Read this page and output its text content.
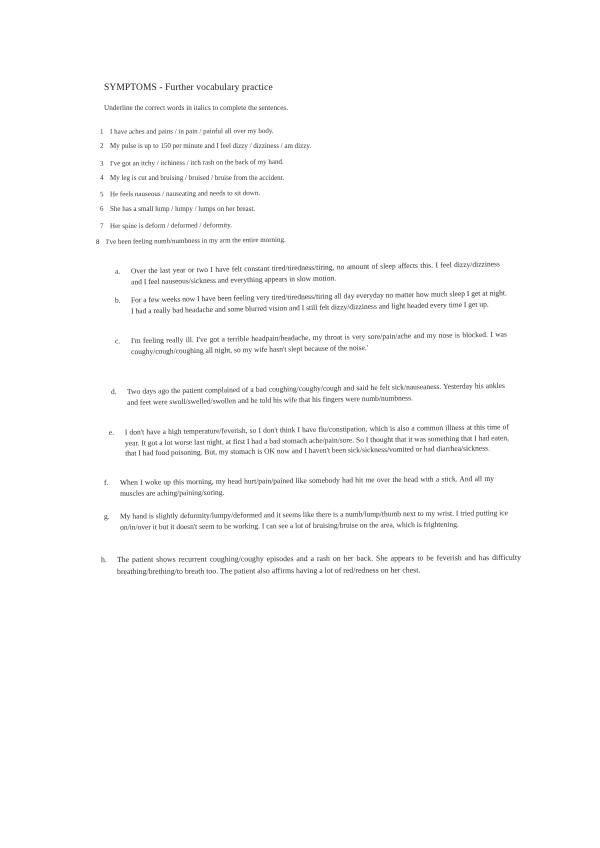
SYMPTOMS - Further vocabulary practice
Underline the correct words in italics to complete the sentences.
1 I have aches and pains / in pain / painful all over my body.
2 My pulse is up to 150 per minute and I feel dizzy / dizziness / am dizzy.
3 I've got an itchy / itchiness / itch rash on the back of my hand.
4 My leg is cut and bruising / bruised / bruise from the accident.
5 He feels nauseous / nauseating and needs to sit down.
6 She has a small lump / lumpy / lumps on her breast.
7 Her spine is deform / deformed / deformity.
8 I've been feeling numb/numbness in my arm the entire morning.
a.	Over the last year or two I have felt constant tired/tiredness/tiring, no amount of sleep affects this. I feel dizzy/dizziness and I feel nauseous/sickness and everything appears in slow motion.
b.	For a few weeks now I have been feeling very tired/tiredness/tiring all day everyday no matter how much sleep I get at night. I had a really bad headache and some blurred vision and I still felt dizzy/dizziness and light headed every time I get up.
c.	I'm feeling really ill. I've got a terrible headpain/headache, my throat is very sore/pain/ache and my nose is blocked. I was coughy/cough/coughing all night, so my wife hasn't slept because of the noise.'
d.	Two days ago the patient complained of a bad coughing/coughy/cough and said he felt sick/nauseaness. Yesterday his ankles and feet were swoll/swelled/swollen and he told his wife that his fingers were numb/numbness.
e.	I don't have a high temperature/feverish, so I don't think I have flu/constipation, which is also a common illness at this time of year. It got a lot worse last night, at first I had a bad stomach ache/pain/sore. So I thought that it was something that I had eaten, that I had food poisoning. But, my stomach is OK now and I haven't been sick/sickness/vomited or had diarrhea/sickness.
f.	When I woke up this morning, my head hurt/pain/pained like somebody had hit me over the head with a stick. And all my muscles are aching/paining/soring.
g.	My hand is slightly deformity/lumpy/deformed and it seems like there is a numb/lump/thumb next to my wrist. I tried putting ice on/in/over it but it doesn't seem to be working. I can see a lot of bruising/bruise on the area, which is frightening.
h.	The patient shows recurrent coughing/coughy episodes and a rash on her back. She appears to be feverish and has difficulty breathing/brething/to breath too. The patient also affirms having a lot of red/redness on her chest.
